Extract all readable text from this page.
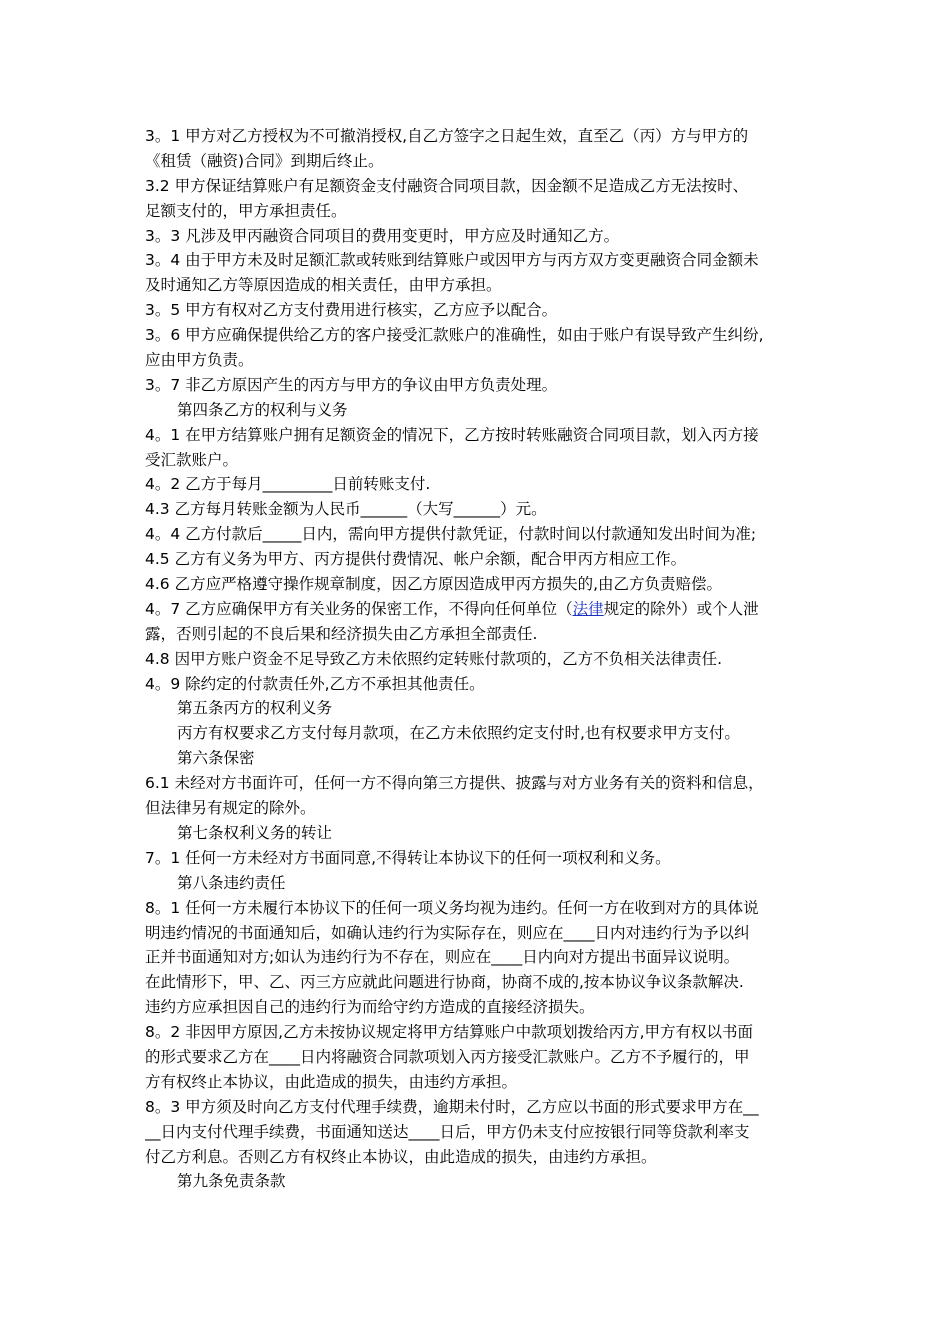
3。1 甲方对乙方授权为不可撤消授权,自乙方签字之日起生效，直至乙（丙）方与甲方的
《租赁（融资)合同》到期后终止。
3.2 甲方保证结算账户有足额资金支付融资合同项目款，因金额不足造成乙方无法按时、
足额支付的，甲方承担责任。
3。3 凡涉及甲丙融资合同项目的费用变更时，甲方应及时通知乙方。
3。4 由于甲方未及时足额汇款或转账到结算账户或因甲方与丙方双方变更融资合同金额未
及时通知乙方等原因造成的相关责任，由甲方承担。
3。5 甲方有权对乙方支付费用进行核实，乙方应予以配合。
3。6 甲方应确保提供给乙方的客户接受汇款账户的准确性，如由于账户有误导致产生纠纷,
应由甲方负责。
3。7 非乙方原因产生的丙方与甲方的争议由甲方负责处理。
第四条乙方的权利与义务
4。1 在甲方结算账户拥有足额资金的情况下，乙方按时转账融资合同项目款，划入丙方接
受汇款账户。
4。2 乙方于每月_________日前转账支付.
4.3 乙方每月转账金额为人民币______（大写______）元。
4。4 乙方付款后_____日内，需向甲方提供付款凭证，付款时间以付款通知发出时间为准;
4.5 乙方有义务为甲方、丙方提供付费情况、帐户余额，配合甲丙方相应工作。
4.6 乙方应严格遵守操作规章制度，因乙方原因造成甲丙方损失的,由乙方负责赔偿。
4。7 乙方应确保甲方有关业务的保密工作，不得向任何单位（法律规定的除外）或个人泄
露，否则引起的不良后果和经济损失由乙方承担全部责任.
4.8 因甲方账户资金不足导致乙方未依照约定转账付款项的，乙方不负相关法律责任.
4。9 除约定的付款责任外,乙方不承担其他责任。
第五条丙方的权利义务
丙方有权要求乙方支付每月款项，在乙方未依照约定支付时,也有权要求甲方支付。
第六条保密
6.1 未经对方书面许可，任何一方不得向第三方提供、披露与对方业务有关的资料和信息，
但法律另有规定的除外。
第七条权利义务的转让
7。1 任何一方未经对方书面同意,不得转让本协议下的任何一项权利和义务。
第八条违约责任
8。1 任何一方未履行本协议下的任何一项义务均视为违约。任何一方在收到对方的具体说
明违约情况的书面通知后，如确认违约行为实际存在，则应在____日内对违约行为予以纠
正并书面通知对方;如认为违约行为不存在，则应在____日内向对方提出书面异议说明。
在此情形下，甲、乙、丙三方应就此问题进行协商，协商不成的,按本协议争议条款解决.
违约方应承担因自己的违约行为而给守约方造成的直接经济损失。
8。2 非因甲方原因,乙方未按协议规定将甲方结算账户中款项划拨给丙方,甲方有权以书面
的形式要求乙方在____日内将融资合同款项划入丙方接受汇款账户。乙方不予履行的，甲
方有权终止本协议，由此造成的损失，由违约方承担。
8。3 甲方须及时向乙方支付代理手续费，逾期未付时，乙方应以书面的形式要求甲方在__
__日内支付代理手续费，书面通知送达____日后，甲方仍未支付应按银行同等贷款利率支
付乙方利息。否则乙方有权终止本协议，由此造成的损失，由违约方承担。
第九条免责条款
